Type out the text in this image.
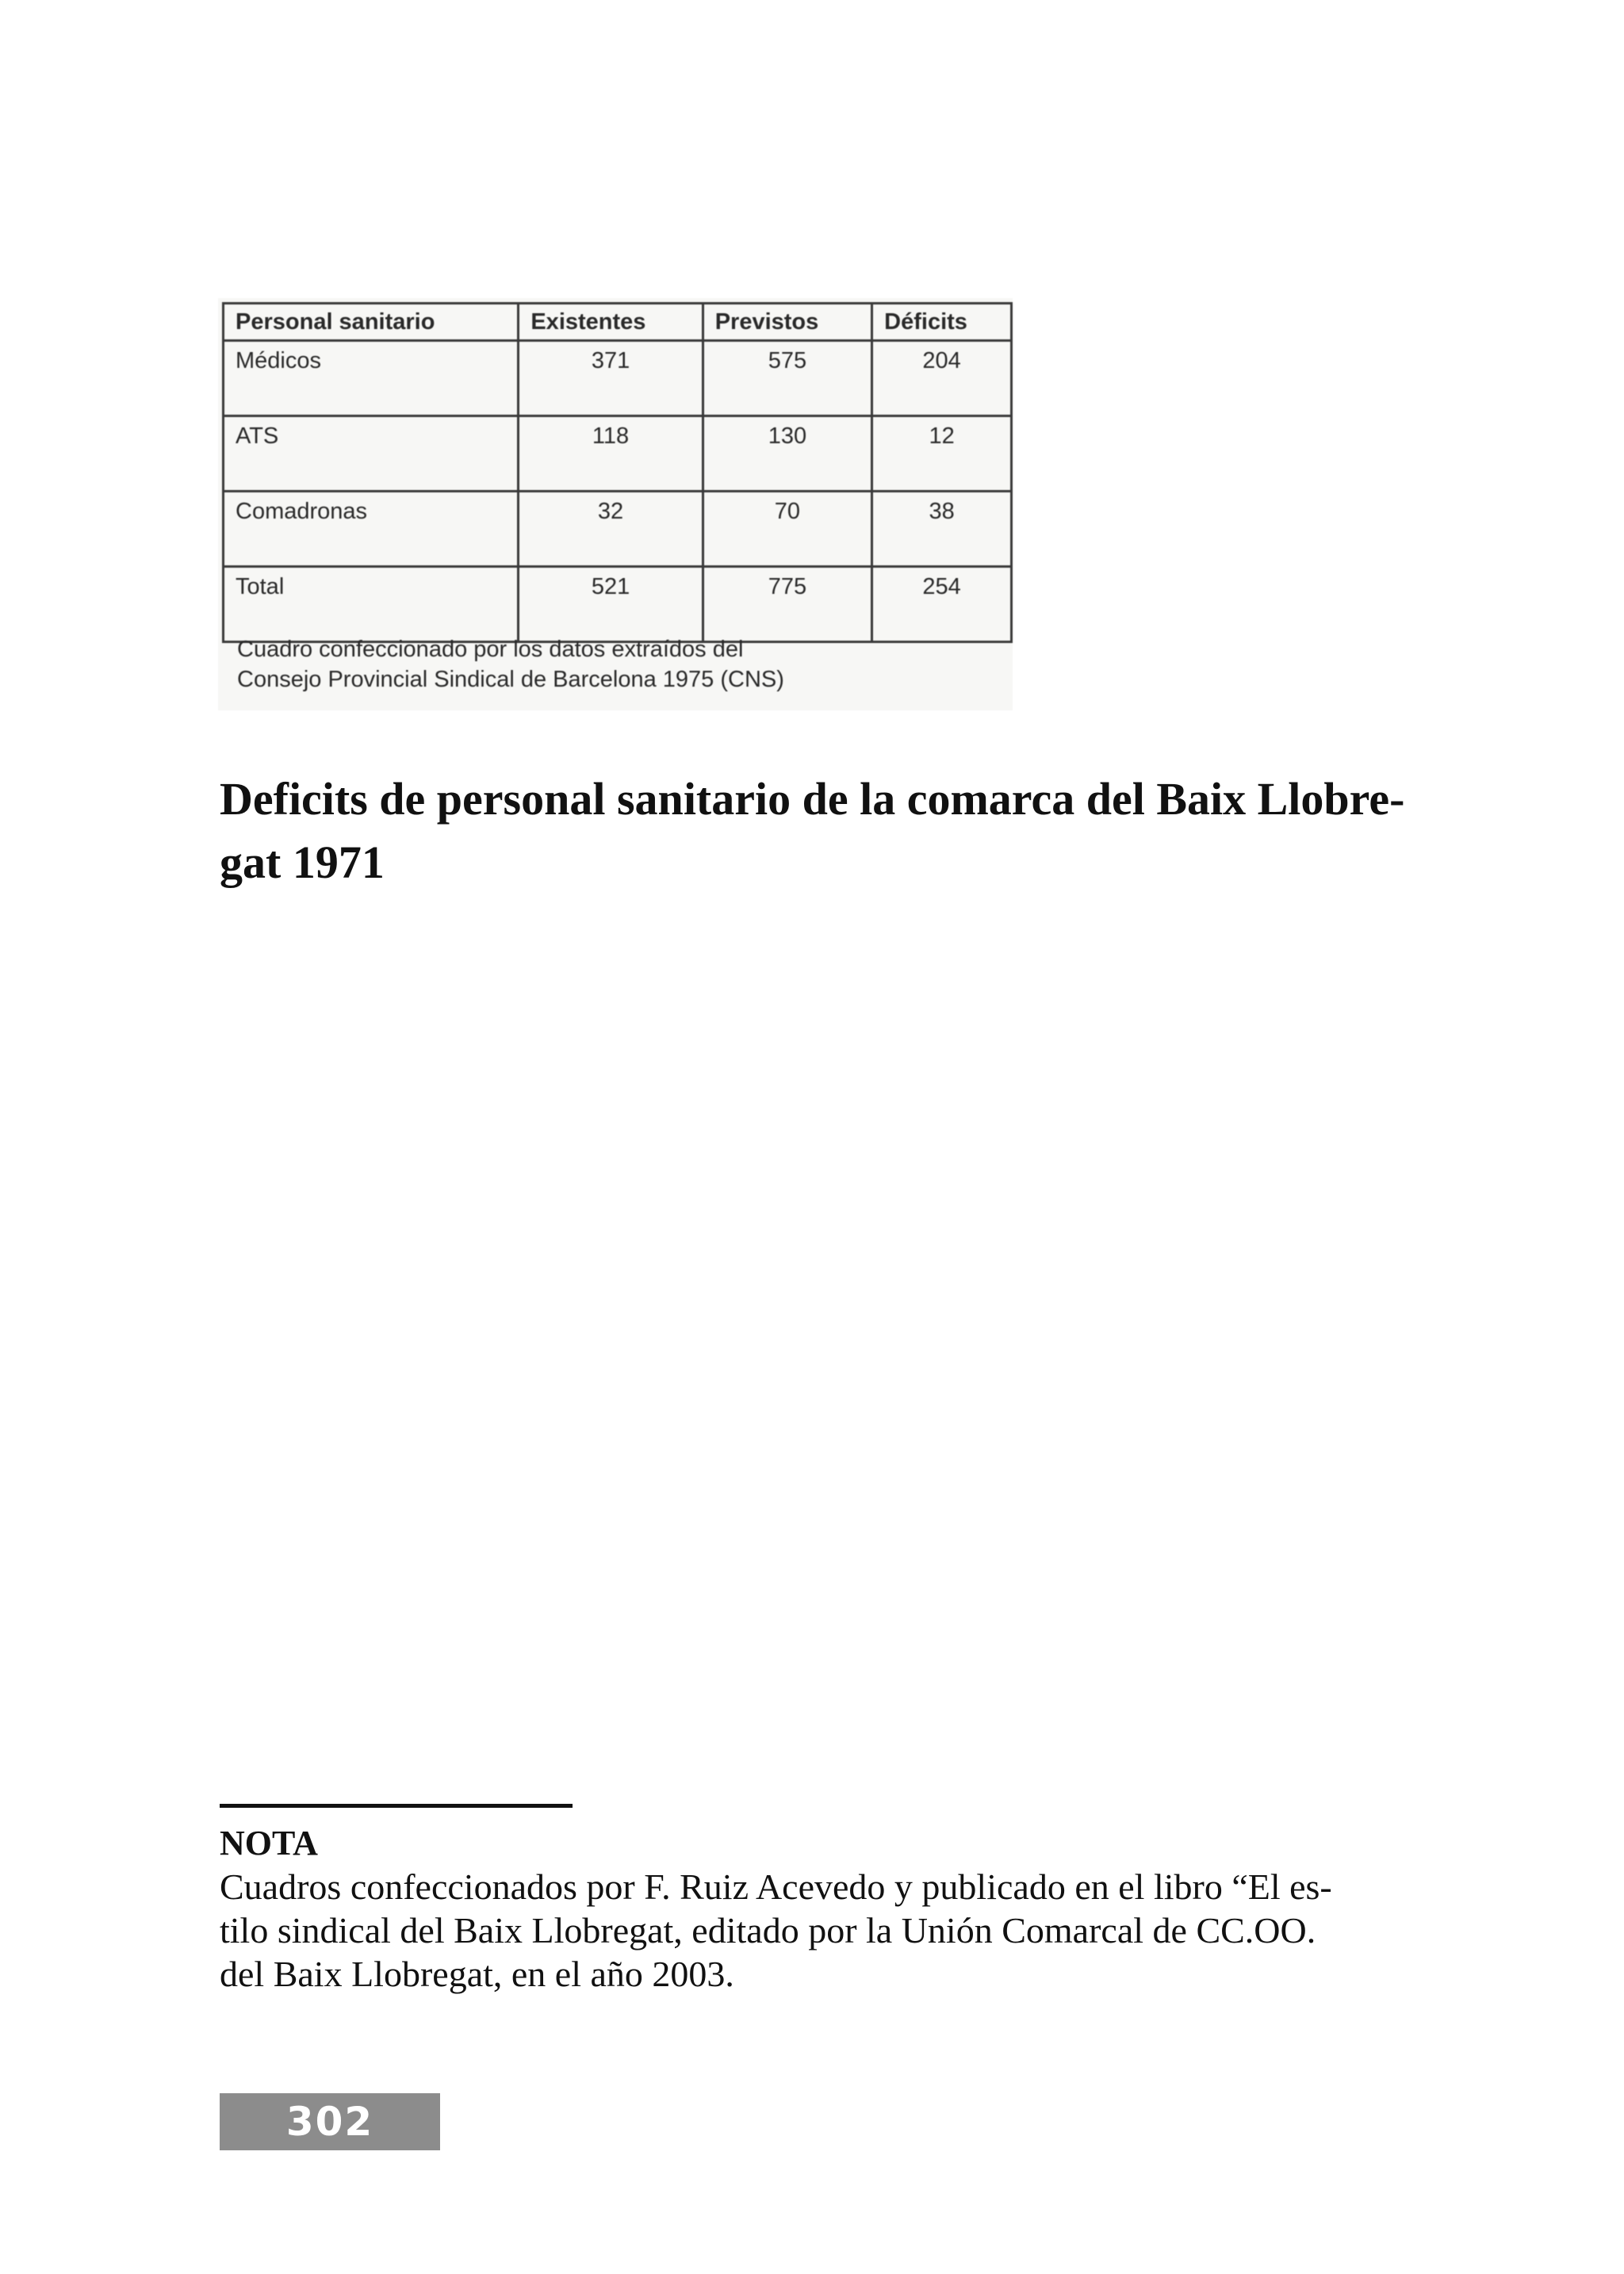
Personal sanitario	Existentes	Previstos	Déficits
Médicos	371	575	204
ATS	118	130	12
Comadronas	32	70	38
Total	521	775	254

Cuadro confeccionado por los datos extraídos del
Consejo Provincial Sindical de Barcelona 1975 (CNS)

Deficits de personal sanitario de la comarca del Baix Llobre-
gat 1971

NOTA

Cuadros confeccionados por F. Ruiz Acevedo y publicado en el libro “El es-
tilo sindical del Baix Llobregat, editado por la Unión Comarcal de CC.OO.
del Baix Llobregat, en el año 2003.

302
